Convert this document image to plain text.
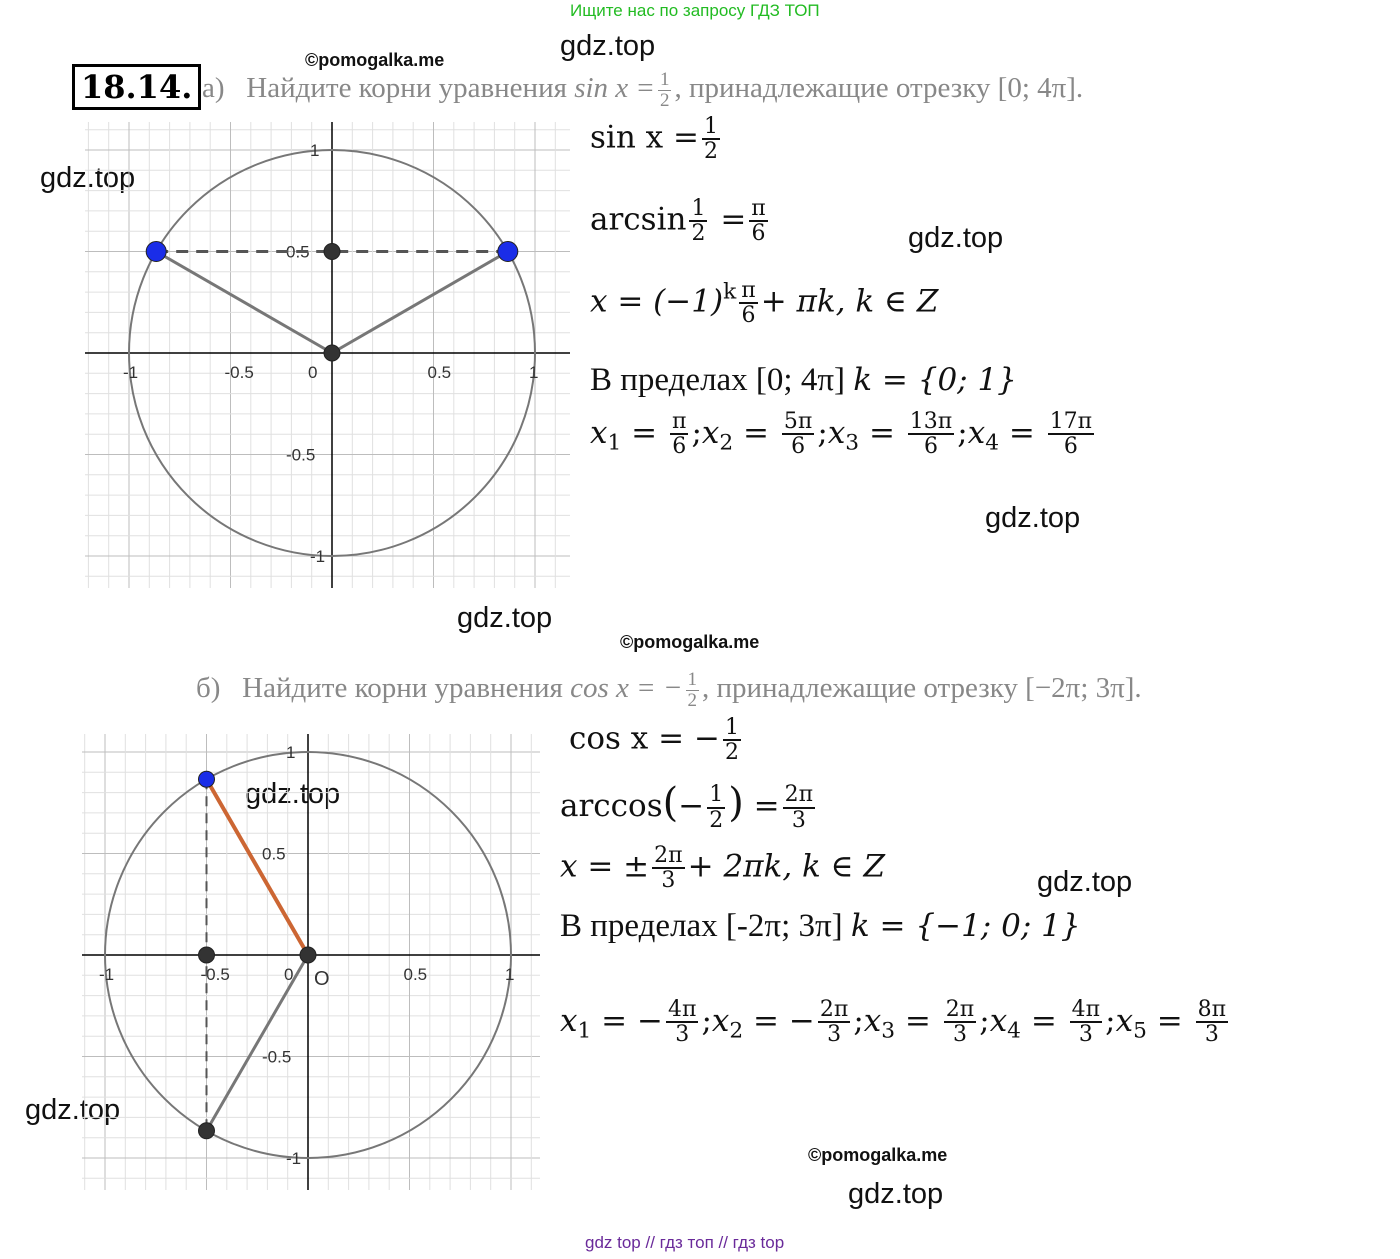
Ищите нас по запросу ГДЗ ТОП
©pomogalka.me	gdz.top
gdz.top
gdz.top
gdz.top
gdz.top
©pomogalka.me
gdz.top
gdz.top
gdz.top
©pomogalka.me
gdz.top
18.14. а) Найдите корни уравнения $\sin x = \frac{1}{2}$ , принадлежащие отрезку [0; 4π].
-1	-0.5	0	0.5	1
1
0.5
-0.5
-1
$\sin x = \frac{1}{2}$
$\arcsin \frac{1}{2} = \frac{\pi}{6}$
$x = (-1)^k \frac{\pi}{6} + \pi k$, k ∈ Z
В пределах [0; 4π] k = {0; 1}
$x_1 = \frac{\pi}{6}$ $;x_2 = \frac{5\pi}{6}$ $;x_3 = \frac{13\pi}{6}$ $;x_4 = \frac{17\pi}{6}$
б) Найдите корни уравнения cos x = − $\frac{1}{2}$ , принадлежащие отрезку [−2π; 3π].
-1	-0.5	0	0.5	1
1
0.5
-0.5
-1
O
cos x = − $\frac{1}{2}$
$\arccos(- \frac{1}{2}$ ) = $\frac{2\pi}{3}$
x = ± $\frac{2\pi}{3} + 2\pi k$, k ∈ Z
В пределах [-2π; 3π] k = {−1; 0; 1}
$x_1$ = − $\frac{4\pi}{3}$ $;x_2$ = − $\frac{2\pi}{3}$ $;x_3 = \frac{2\pi}{3}$ $;x_4 = \frac{4\pi}{3}$ $;x_5 = \frac{8\pi}{3}$
gdz top // гдз топ // гдз top
